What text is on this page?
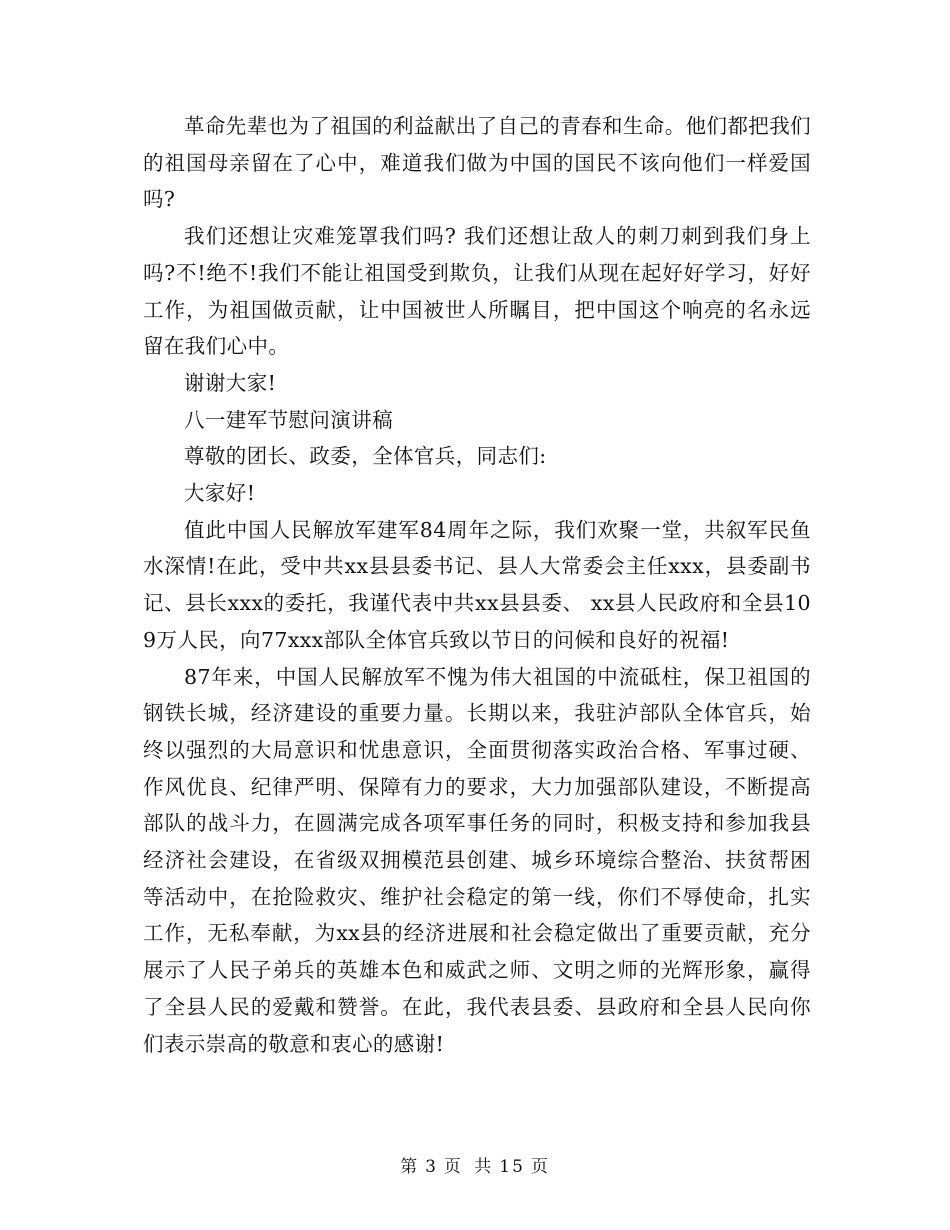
革命先辈也为了祖国的利益献出了自己的青春和生命。他们都把我们的祖国母亲留在了心中，难道我们做为中国的国民不该向他们一样爱国吗?

我们还想让灾难笼罩我们吗? 我们还想让敌人的刺刀刺到我们身上吗?不!绝不!我们不能让祖国受到欺负，让我们从现在起好好学习，好好工作，为祖国做贡献，让中国被世人所瞩目，把中国这个响亮的名永远留在我们心中。

谢谢大家!

八一建军节慰问演讲稿

尊敬的团长、政委，全体官兵，同志们:

大家好!

值此中国人民解放军建军84周年之际，我们欢聚一堂，共叙军民鱼水深情!在此，受中共xx县县委书记、县人大常委会主任xxx，县委副书记、县长xxx的委托，我谨代表中共xx县县委、 xx县人民政府和全县109万人民，向77xxx部队全体官兵致以节日的问候和良好的祝福!

87年来，中国人民解放军不愧为伟大祖国的中流砥柱，保卫祖国的钢铁长城，经济建设的重要力量。长期以来，我驻泸部队全体官兵，始终以强烈的大局意识和忧患意识，全面贯彻落实政治合格、军事过硬、作风优良、纪律严明、保障有力的要求，大力加强部队建设，不断提高部队的战斗力，在圆满完成各项军事任务的同时，积极支持和参加我县经济社会建设，在省级双拥模范县创建、城乡环境综合整治、扶贫帮困等活动中，在抢险救灾、维护社会稳定的第一线，你们不辱使命，扎实工作，无私奉献，为xx县的经济进展和社会稳定做出了重要贡献，充分展示了人民子弟兵的英雄本色和威武之师、文明之师的光辉形象，赢得了全县人民的爱戴和赞誉。在此，我代表县委、县政府和全县人民向你们表示崇高的敬意和衷心的感谢!

第 3 页 共 15 页
